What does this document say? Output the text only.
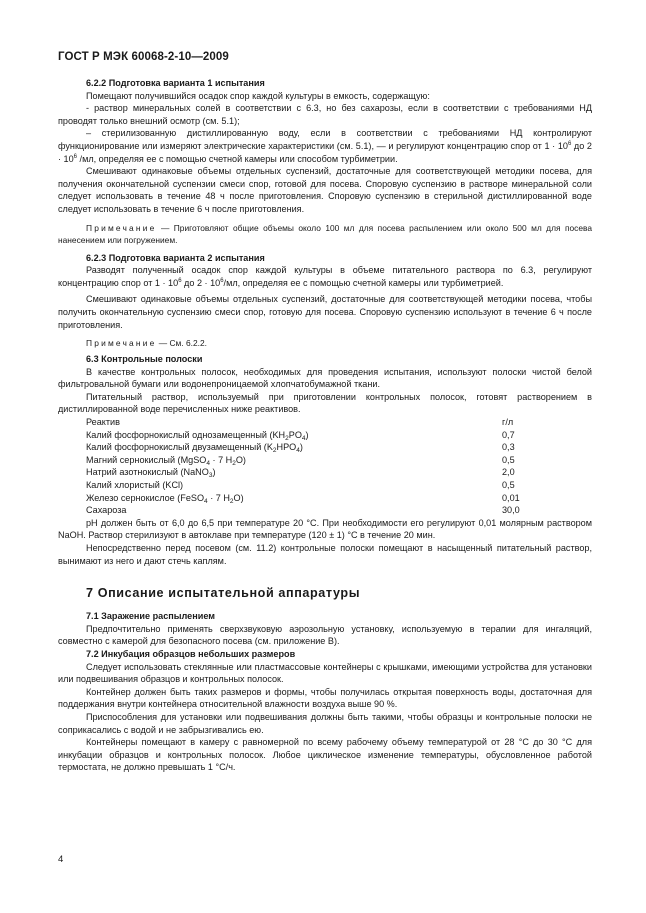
ГОСТ Р МЭК 60068-2-10—2009

6.2.2 Подготовка варианта 1 испытания

Помещают получившийся осадок спор каждой культуры в емкость, содержащую:

- раствор минеральных солей в соответствии с 6.3, но без сахарозы, если в соответствии с требованиями НД проводят только внешний осмотр (см. 5.1);

– стерилизованную дистиллированную воду, если в соответствии с требованиями НД контролируют функционирование или измеряют электрические характеристики (см. 5.1), — и регулируют концентрацию спор от $1 \cdot 10^6$ до $2 \cdot 10^6$ /мл, определяя ее с помощью счетной камеры или способом турбиметрии.

Смешивают одинаковые объемы отдельных суспензий, достаточные для соответствующей методики посева, для получения окончательной суспензии смеси спор, готовой для посева. Споровую суспензию в растворе минеральной соли следует использовать в течение 48 ч после приготовления. Споровую суспензию в стерильной дистиллированной воде следует использовать в течение 6 ч после приготовления.

Примечание — Приготовляют общие объемы около 100 мл для посева распылением или около 500 мл для посева нанесением или погружением.

6.2.3 Подготовка варианта 2 испытания

Разводят полученный осадок спор каждой культуры в объеме питательного раствора по 6.3, регулируют концентрацию спор от $1 \cdot 10^6$ до $2 \cdot 10^6/мл$, определяя ее с помощью счетной камеры или турбиметрией.

Смешивают одинаковые объемы отдельных суспензий, достаточные для соответствующей методики посева, чтобы получить окончательную суспензию смеси спор, готовую для посева. Споровую суспензию используют в течение 6 ч после приготовления.

Примечание — См. 6.2.2.

6.3 Контрольные полоски

В качестве контрольных полосок, необходимых для проведения испытания, используют полоски чистой белой фильтровальной бумаги или водонепроницаемой хлопчатобумажной ткани.

Питательный раствор, используемый при приготовлении контрольных полосок, готовят растворением в дистиллированной воде перечисленных ниже реактивов.

Реактив	г/л
Калий фосфорнокислый однозамещенный $(KH_2PO_4)$	0,7
Калий фосфорнокислый двузамещенный $(K_2HPO_4)$	0,3
Магний сернокислый (MgSO$_4$ · 7 $H_2O$)	0,5
Натрий азотнокислый (NaNO$_3$)	2,0
Калий хлористый (KCl)	0,5
Железо сернокислое (FeSO$_4$ · 7 $H_2O$)	0,01
Сахароза	30,0

pH должен быть от 6,0 до 6,5 при температуре 20 °С. При необходимости его регулируют 0,01 молярным раствором NaOH. Раствор стерилизуют в автоклаве при температуре (120 ± 1) °С в течение 20 мин.

Непосредственно перед посевом (см. 11.2) контрольные полоски помещают в насыщенный питательный раствор, вынимают из него и дают стечь каплям.

7 Описание испытательной аппаратуры

7.1 Заражение распылением

Предпочтительно применять сверхзвуковую аэрозольную установку, используемую в терапии для ингаляций, совместно с камерой для безопасного посева (см. приложение В).

7.2 Инкубация образцов небольших размеров

Следует использовать стеклянные или пластмассовые контейнеры с крышками, имеющими устройства для установки или подвешивания образцов и контрольных полосок.

Контейнер должен быть таких размеров и формы, чтобы получилась открытая поверхность воды, достаточная для поддержания внутри контейнера относительной влажности воздуха выше 90 %.

Приспособления для установки или подвешивания должны быть такими, чтобы образцы и контрольные полоски не соприкасались с водой и не забрызгивались ею.

Контейнеры помещают в камеру с равномерной по всему рабочему объему температурой от 28 °С до 30 °С для инкубации образцов и контрольных полосок. Любое циклическое изменение температуры, обусловленное работой термостата, не должно превышать 1 °С/ч.

4
